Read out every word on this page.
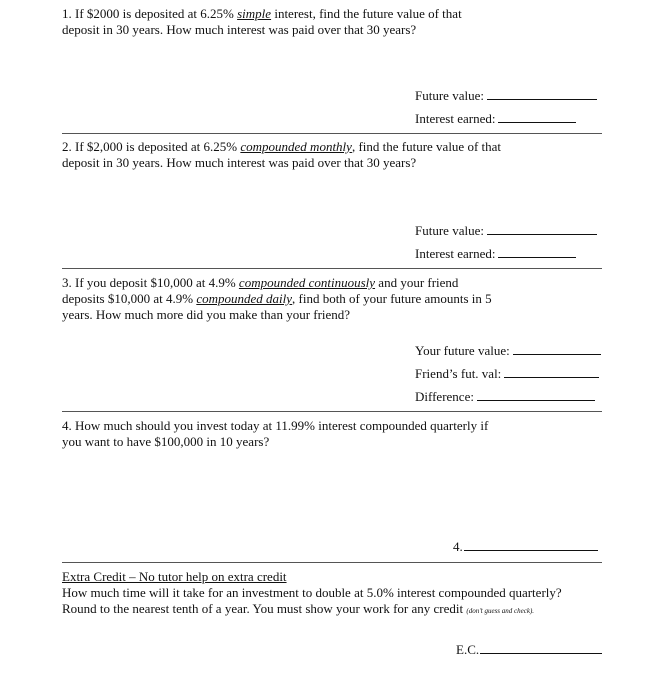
1. If $2000 is deposited at 6.25% simple interest, find the future value of that deposit in 30 years. How much interest was paid over that 30 years?
Future value:
Interest earned:
2. If $2,000 is deposited at 6.25% compounded monthly, find the future value of that deposit in 30 years. How much interest was paid over that 30 years?
Future value:
Interest earned:
3. If you deposit $10,000 at 4.9% compounded continuously and your friend deposits $10,000 at 4.9% compounded daily, find both of your future amounts in 5 years. How much more did you make than your friend?
Your future value:
Friend’s fut. val:
Difference:
4. How much should you invest today at 11.99% interest compounded quarterly if you want to have $100,000 in 10 years?
4.
Extra Credit – No tutor help on extra credit
How much time will it take for an investment to double at 5.0% interest compounded quarterly?
Round to the nearest tenth of a year. You must show your work for any credit (don’t guess and check).
E.C.
